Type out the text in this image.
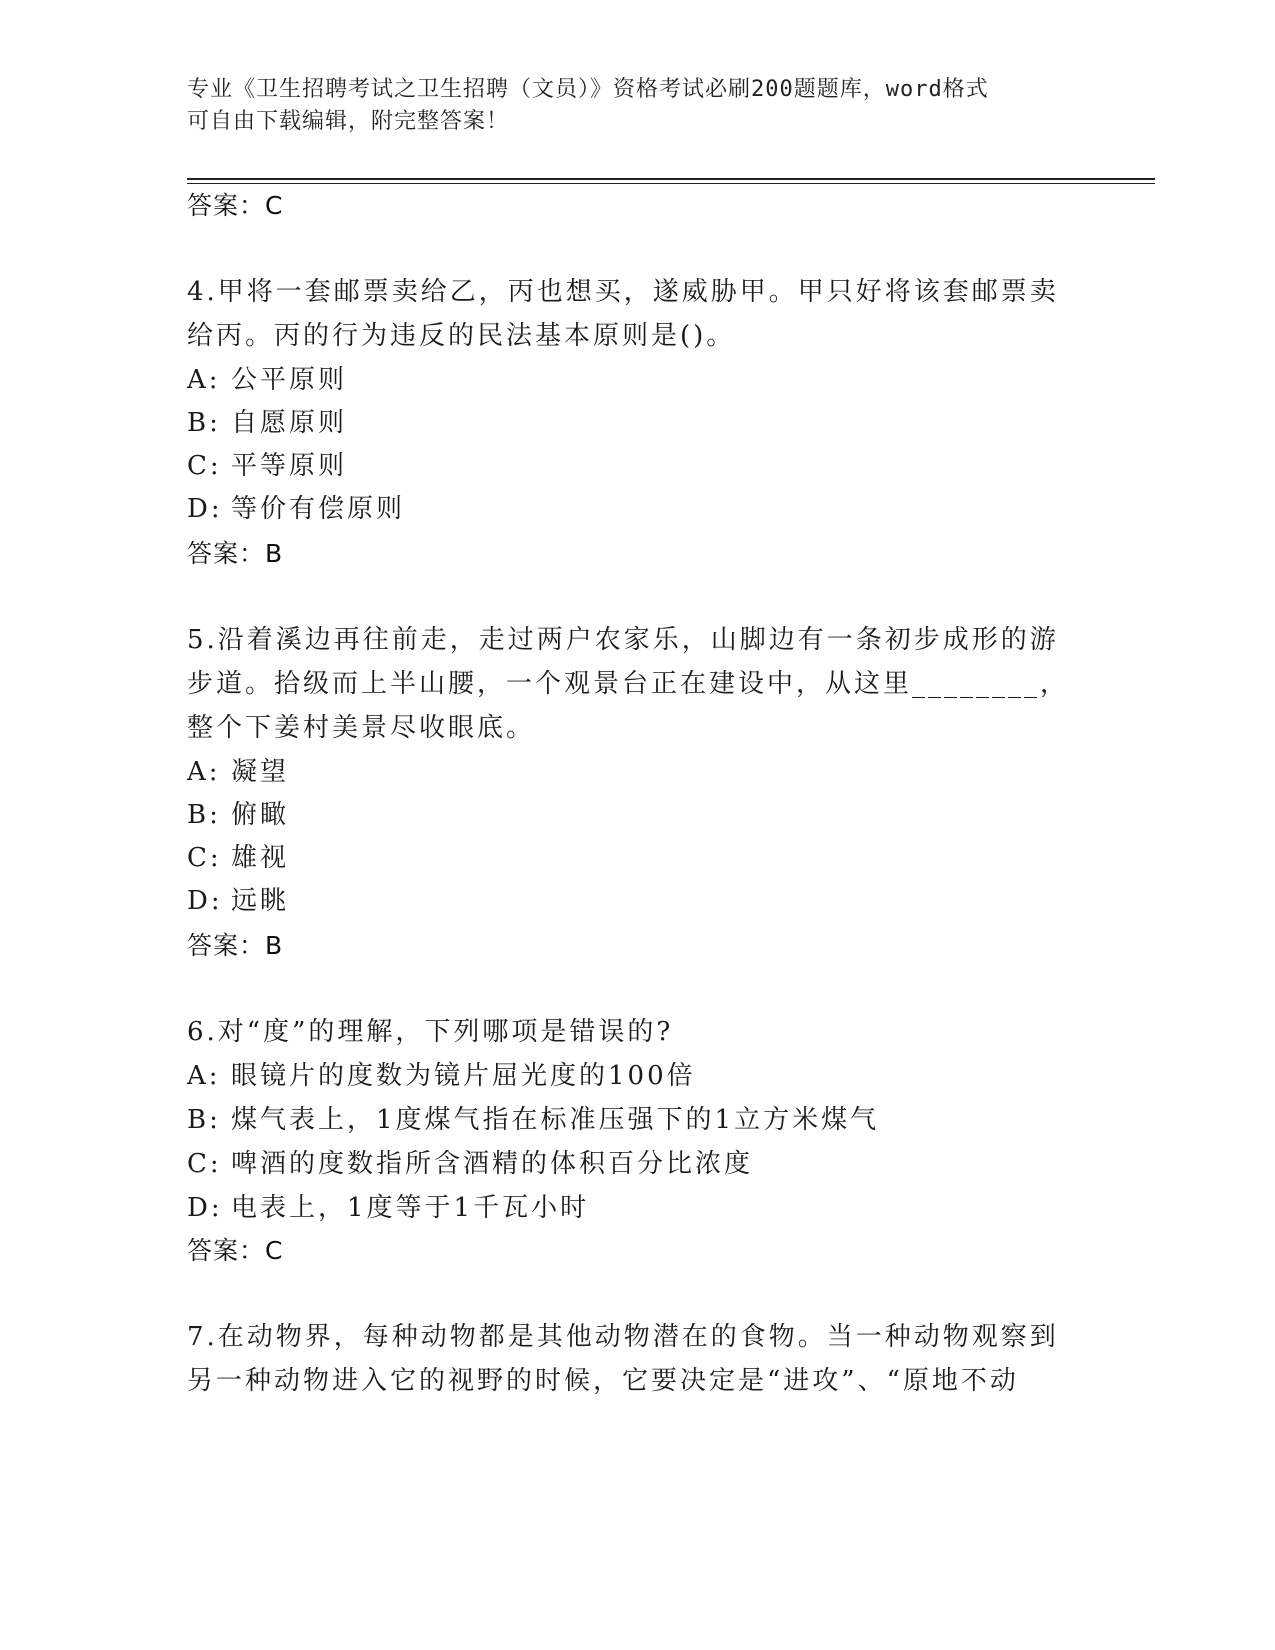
专业《卫生招聘考试之卫生招聘（文员）》资格考试必刷200题题库，word格式
可自由下载编辑，附完整答案！
答案：C
4.甲将一套邮票卖给乙，丙也想买，遂威胁甲。甲只好将该套邮票卖
给丙。丙的行为违反的民法基本原则是()。
A: 公平原则
B: 自愿原则
C: 平等原则
D: 等价有偿原则
答案：B
5.沿着溪边再往前走，走过两户农家乐，山脚边有一条初步成形的游
步道。拾级而上半山腰，一个观景台正在建设中，从这里________，
整个下姜村美景尽收眼底。
A: 凝望
B: 俯瞰
C: 雄视
D: 远眺
答案：B
6.对“度”的理解，下列哪项是错误的?
A: 眼镜片的度数为镜片屈光度的100倍
B: 煤气表上，1度煤气指在标准压强下的1立方米煤气
C: 啤酒的度数指所含酒精的体积百分比浓度
D: 电表上，1度等于1千瓦小时
答案：C
7.在动物界，每种动物都是其他动物潜在的食物。当一种动物观察到
另一种动物进入它的视野的时候，它要决定是“进攻”、“原地不动
